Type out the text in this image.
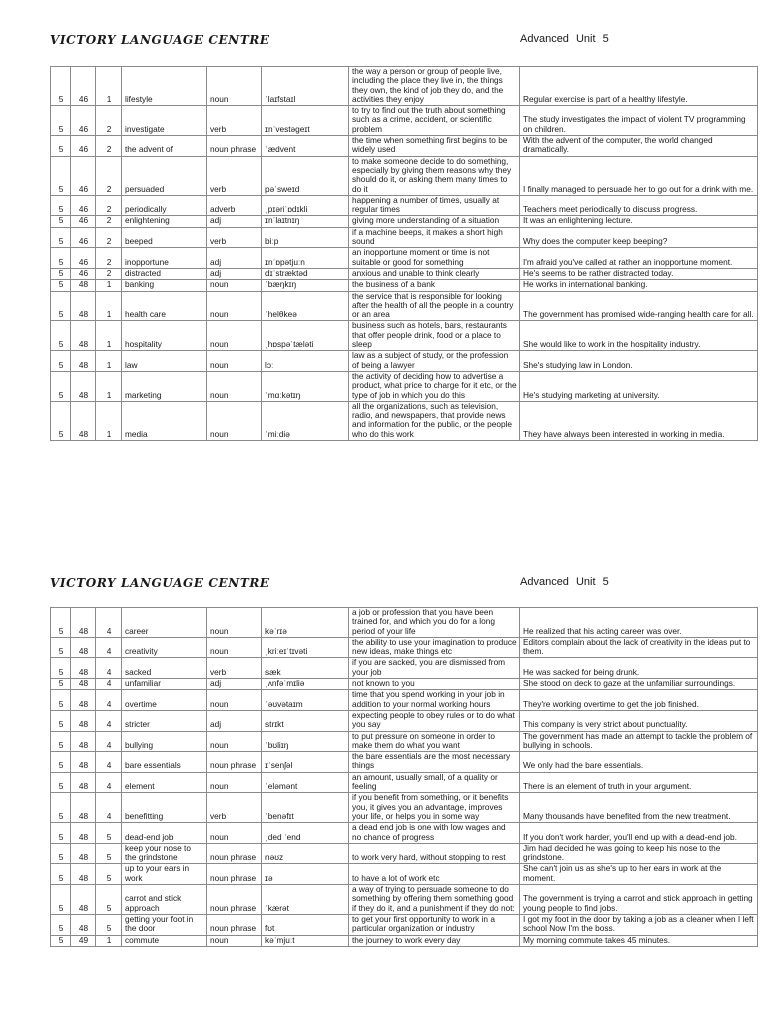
VICTORY LANGUAGE CENTRE	Advanced Unit 5
5	46	1	lifestyle	noun	ˈlaɪfstaɪl	the way a person or group of people live, including the place they live in, the things they own, the kind of job they do, and the activities they enjoy	Regular exercise is part of a healthy lifestyle.
5	46	2	investigate	verb	ɪnˈvestəgeɪt	to try to find out the truth about something such as a crime, accident, or scientific problem	The study investigates the impact of violent TV programming on children.
5	46	2	the advent of	noun phrase	ˈædvent	the time when something first begins to be widely used	With the advent of the computer, the world changed dramatically.
5	46	2	persuaded	verb	pəˈsweɪd	to make someone decide to do something, especially by giving them reasons why they should do it, or asking them many times to do it	I finally managed to persuade her to go out for a drink with me.
5	46	2	periodically	adverb	ˌpɪəriˈɒdɪkli	happening a number of times, usually at regular times	Teachers meet periodically to discuss progress.
5	46	2	enlightening	adj	ɪnˈlaɪtnɪŋ	giving more understanding of a situation	It was an enlightening lecture.
5	46	2	beeped	verb	biːp	if a machine beeps, it makes a short high sound	Why does the computer keep beeping?
5	46	2	inopportune	adj	ɪnˈɒpətjuːn	an inopportune moment or time is not suitable or good for something	I'm afraid you've called at rather an inopportune moment.
5	46	2	distracted	adj	dɪˈstræktəd	anxious and unable to think clearly	He's seems to be rather distracted today.
5	48	1	banking	noun	ˈbæŋkɪŋ	the business of a bank	He works in international banking.
5	48	1	health care	noun	ˈhelθkeə	the service that is responsible for looking after the health of all the people in a country or an area	The government has promised wide-ranging health care for all.
5	48	1	hospitality	noun	ˌhɒspəˈtæləti	business such as hotels, bars, restaurants that offer people drink, food or a place to sleep	She would like to work in the hospitality industry.
5	48	1	law	noun	lɔː	law as a subject of study, or the profession of being a lawyer	She's studying law in London.
5	48	1	marketing	noun	ˈmɑːkətɪŋ	the activity of deciding how to advertise a product, what price to charge for it etc, or the type of job in which you do this	He's studying marketing at university.
5	48	1	media	noun	ˈmiːdiə	all the organizations, such as television, radio, and newspapers, that provide news and information for the public, or the people who do this work	They have always been interested in working in media.
VICTORY LANGUAGE CENTRE	Advanced Unit 5
5	48	4	career	noun	kəˈrɪə	a job or profession that you have been trained for, and which you do for a long period of your life	He realized that his acting career was over.
5	48	4	creativity	noun	ˌkriːeɪˈtɪvəti	the ability to use your imagination to produce new ideas, make things etc	Editors complain about the lack of creativity in the ideas put to them.
5	48	4	sacked	verb	sæk	if you are sacked, you are dismissed from your job	He was sacked for being drunk.
5	48	4	unfamiliar	adj	ˌʌnfəˈmɪliə	not known to you	She stood on deck to gaze at the unfamiliar surroundings.
5	48	4	overtime	noun	ˈəʊvətaɪm	time that you spend working in your job in addition to your normal working hours	They're working overtime to get the job finished.
5	48	4	stricter	adj	strɪkt	expecting people to obey rules or to do what you say	This company is very strict about punctuality.
5	48	4	bullying	noun	ˈbʊliɪŋ	to put pressure on someone in order to make them do what you want	The government has made an attempt to tackle the problem of bullying in schools.
5	48	4	bare essentials	noun phrase	ɪˈsenʃəl	the bare essentials are the most necessary things	We only had the bare essentials.
5	48	4	element	noun	ˈeləmənt	an amount, usually small, of a quality or feeling	There is an element of truth in your argument.
5	48	4	benefitting	verb	ˈbenəfɪt	if you benefit from something, or it benefits you, it gives you an advantage, improves your life, or helps you in some way	Many thousands have benefited from the new treatment.
5	48	5	dead-end job	noun	ˌded ˈend	a dead end job is one with low wages and no chance of progress	If you don't work harder, you'll end up with a dead-end job.
5	48	5	keep your nose to the grindstone	noun phrase	nəʊz	to work very hard, without stopping to rest	Jim had decided he was going to keep his nose to the grindstone.
5	48	5	up to your ears in work	noun phrase	ɪə	to have a lot of work etc	She can't join us as she's up to her ears in work at the moment.
5	48	5	carrot and stick approach	noun phrase	ˈkærət	a way of trying to persuade someone to do something by offering them something good if they do it, and a punishment if they do not:	The government is trying a carrot and stick approach in getting young people to find jobs.
5	48	5	getting your foot in the door	noun phrase	fʊt	to get your first opportunity to work in a particular organization or industry	I got my foot in the door by taking a job as a cleaner when I left school Now I'm the boss.
5	49	1	commute	noun	kəˈmjuːt	the journey to work every day	My morning commute takes 45 minutes.
